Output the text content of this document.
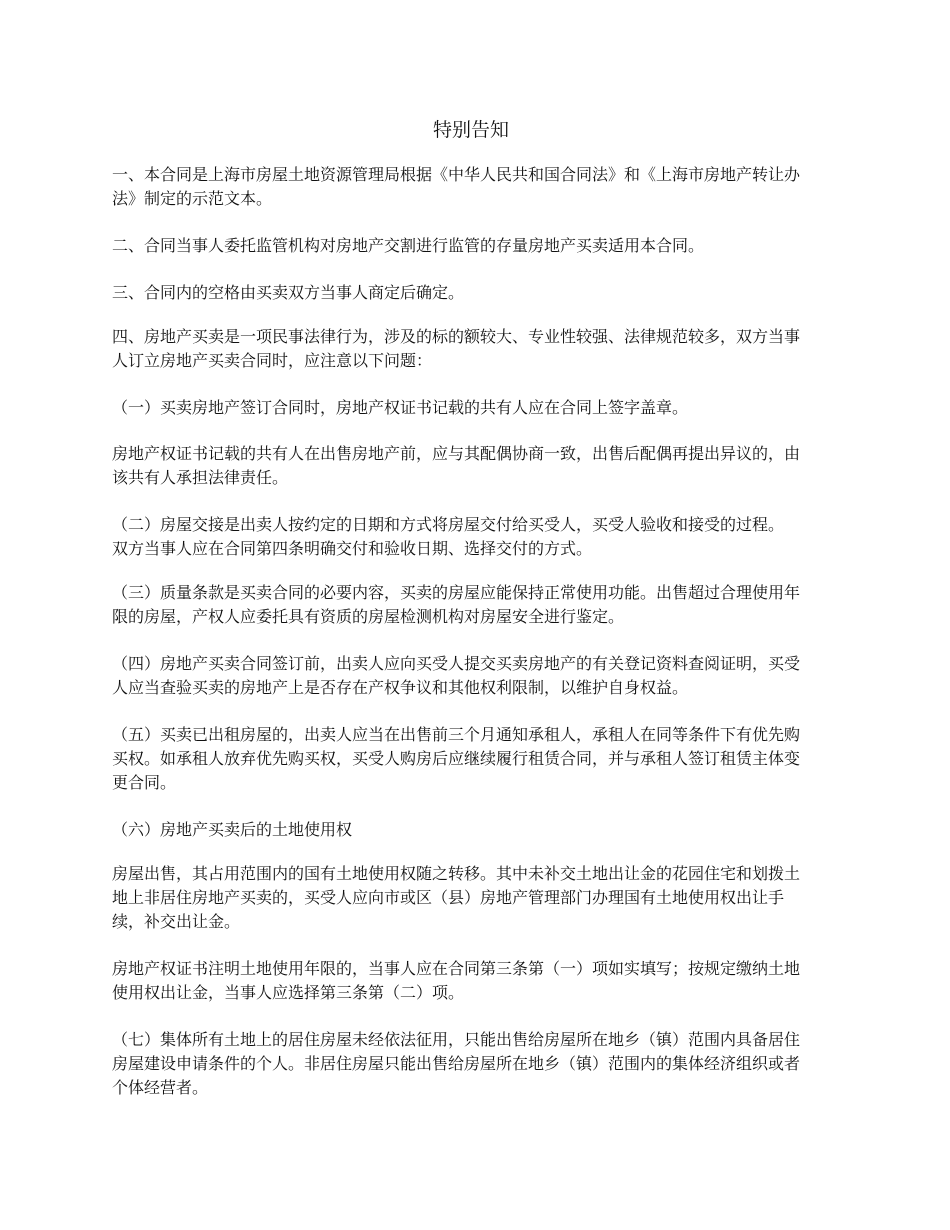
特别告知

一、本合同是上海市房屋土地资源管理局根据《中华人民共和国合同法》和《上海市房地产转让办法》制定的示范文本。

二、合同当事人委托监管机构对房地产交割进行监管的存量房地产买卖适用本合同。

三、合同内的空格由买卖双方当事人商定后确定。

四、房地产买卖是一项民事法律行为，涉及的标的额较大、专业性较强、法律规范较多，双方当事人订立房地产买卖合同时，应注意以下问题：

（一）买卖房地产签订合同时，房地产权证书记载的共有人应在合同上签字盖章。

房地产权证书记载的共有人在出售房地产前，应与其配偶协商一致，出售后配偶再提出异议的，由该共有人承担法律责任。

（二）房屋交接是出卖人按约定的日期和方式将房屋交付给买受人，买受人验收和接受的过程。　双方当事人应在合同第四条明确交付和验收日期、选择交付的方式。

（三）质量条款是买卖合同的必要内容，买卖的房屋应能保持正常使用功能。出售超过合理使用年限的房屋，产权人应委托具有资质的房屋检测机构对房屋安全进行鉴定。

（四）房地产买卖合同签订前，出卖人应向买受人提交买卖房地产的有关登记资料查阅证明，买受人应当查验买卖的房地产上是否存在产权争议和其他权利限制，以维护自身权益。

（五）买卖已出租房屋的，出卖人应当在出售前三个月通知承租人，承租人在同等条件下有优先购买权。如承租人放弃优先购买权，买受人购房后应继续履行租赁合同，并与承租人签订租赁主体变更合同。

（六）房地产买卖后的土地使用权

房屋出售，其占用范围内的国有土地使用权随之转移。其中未补交土地出让金的花园住宅和划拨土地上非居住房地产买卖的，买受人应向市或区（县）房地产管理部门办理国有土地使用权出让手续，补交出让金。

房地产权证书注明土地使用年限的，当事人应在合同第三条第（一）项如实填写；按规定缴纳土地使用权出让金，当事人应选择第三条第（二）项。

（七）集体所有土地上的居住房屋未经依法征用，只能出售给房屋所在地乡（镇）范围内具备居住房屋建设申请条件的个人。非居住房屋只能出售给房屋所在地乡（镇）范围内的集体经济组织或者个体经营者。
